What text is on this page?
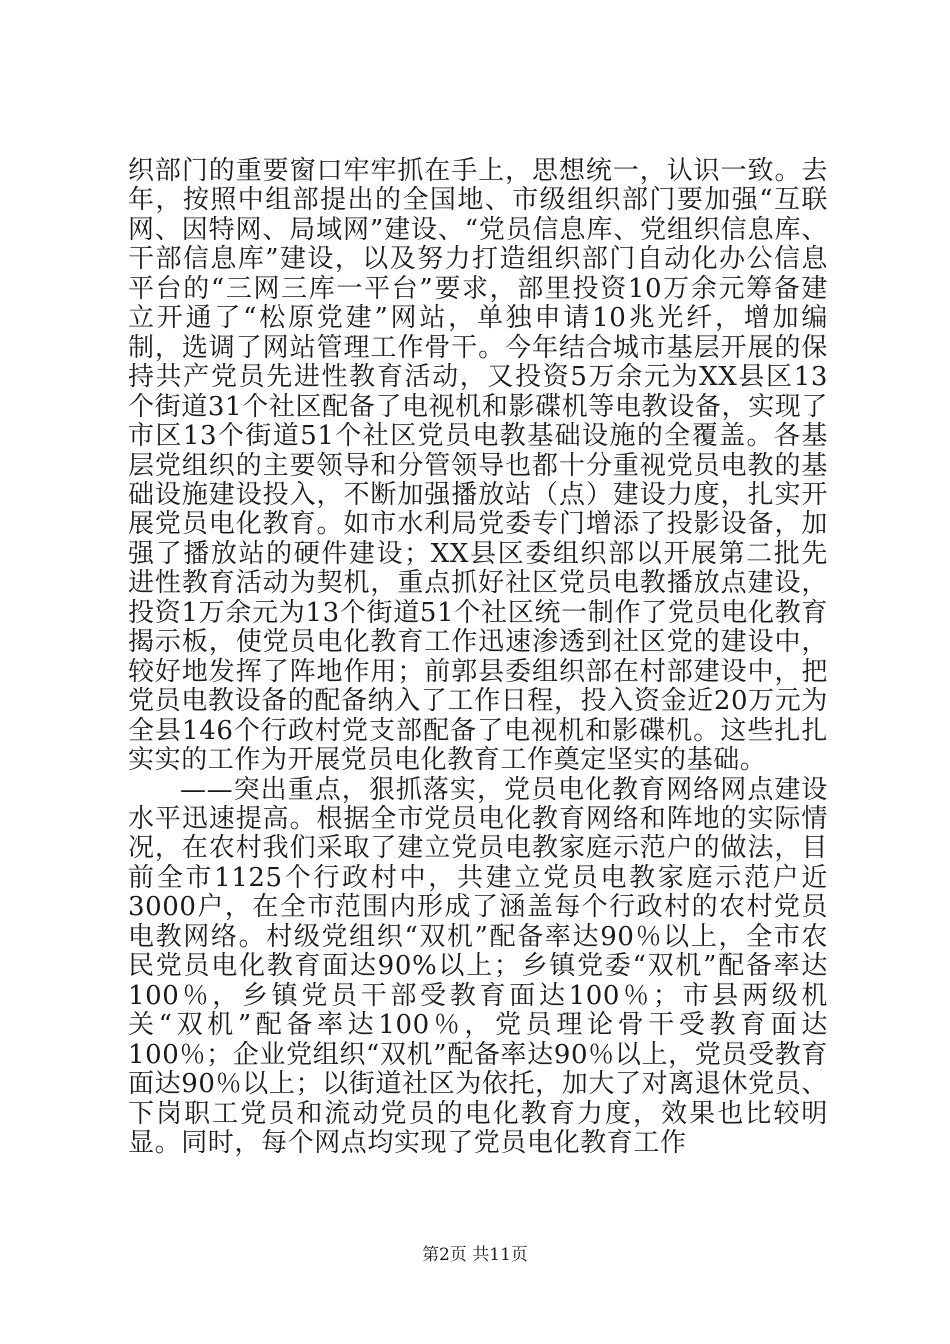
织部门的重要窗口牢牢抓在手上，思想统一，认识一致。去年，按照中组部提出的全国地、市级组织部门要加强“互联网、因特网、局域网”建设、“党员信息库、党组织信息库、干部信息库”建设，以及努力打造组织部门自动化办公信息平台的“三网三库一平台”要求，部里投资10万余元筹备建立开通了“松原党建”网站，单独申请10兆光纤，增加编制，选调了网站管理工作骨干。今年结合城市基层开展的保持共产党员先进性教育活动，又投资5万余元为XX县区13个街道31个社区配备了电视机和影碟机等电教设备，实现了市区13个街道51个社区党员电教基础设施的全覆盖。各基层党组织的主要领导和分管领导也都十分重视党员电教的基础设施建设投入，不断加强播放站（点）建设力度，扎实开展党员电化教育。如市水利局党委专门增添了投影设备，加强了播放站的硬件建设；XX县区委组织部以开展第二批先进性教育活动为契机，重点抓好社区党员电教播放点建设，投资1万余元为13个街道51个社区统一制作了党员电化教育揭示板，使党员电化教育工作迅速渗透到社区党的建设中，较好地发挥了阵地作用；前郭县委组织部在村部建设中，把党员电教设备的配备纳入了工作日程，投入资金近20万元为全县146个行政村党支部配备了电视机和影碟机。这些扎扎实实的工作为开展党员电化教育工作奠定坚实的基础。

——突出重点，狠抓落实，党员电化教育网络网点建设水平迅速提高。根据全市党员电化教育网络和阵地的实际情况，在农村我们采取了建立党员电教家庭示范户的做法，目前全市1125个行政村中，共建立党员电教家庭示范户近3000户，在全市范围内形成了涵盖每个行政村的农村党员电教网络。村级党组织“双机”配备率达90％以上，全市农民党员电化教育面达90%以上；乡镇党委“双机”配备率达100％，乡镇党员干部受教育面达100％；市县两级机关“双机”配备率达100％，党员理论骨干受教育面达100％；企业党组织“双机”配备率达90％以上，党员受教育面达90％以上；以街道社区为依托，加大了对离退休党员、下岗职工党员和流动党员的电化教育力度，效果也比较明显。同时，每个网点均实现了党员电化教育工作

第2页 共11页
